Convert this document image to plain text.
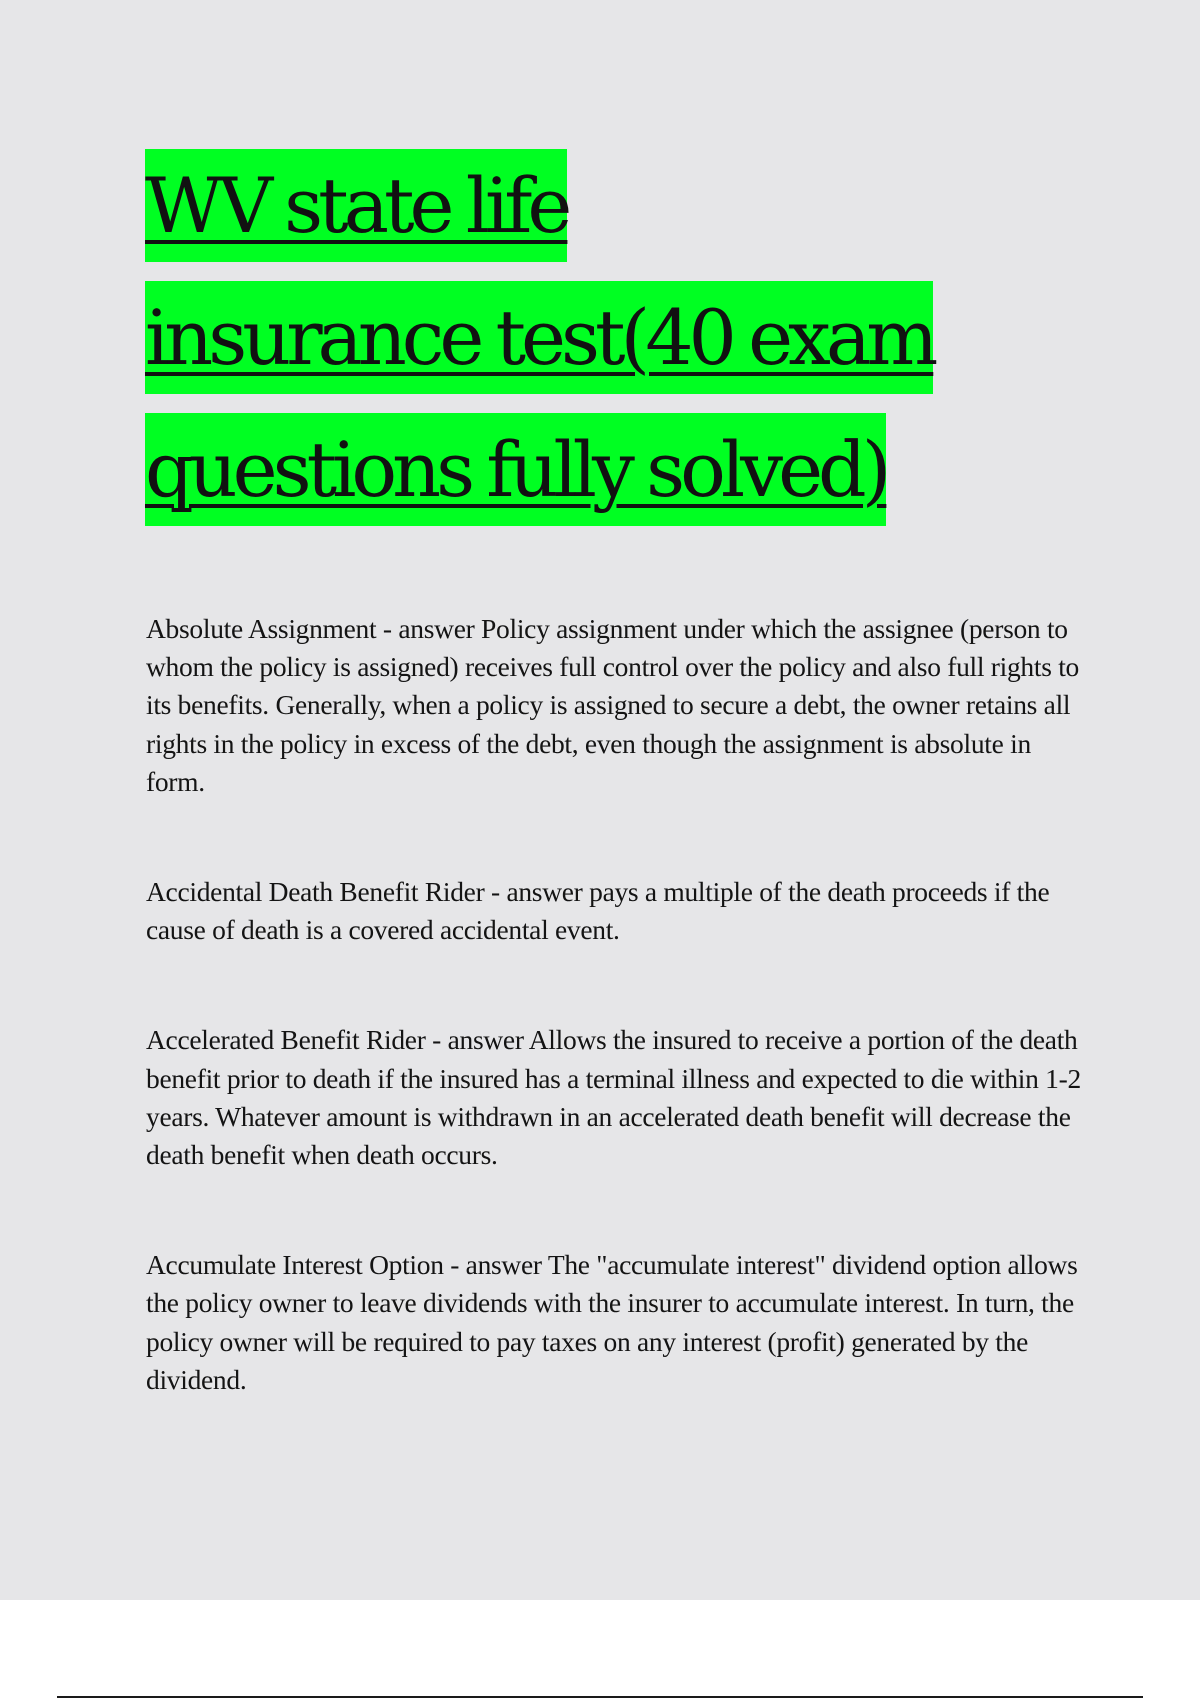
WV state life
insurance test(40 exam
questions fully solved)

Absolute Assignment - answer Policy assignment under which the assignee (person to whom the policy is assigned) receives full control over the policy and also full rights to its benefits. Generally, when a policy is assigned to secure a debt, the owner retains all rights in the policy in excess of the debt, even though the assignment is absolute in form.

Accidental Death Benefit Rider - answer pays a multiple of the death proceeds if the cause of death is a covered accidental event.

Accelerated Benefit Rider - answer Allows the insured to receive a portion of the death benefit prior to death if the insured has a terminal illness and expected to die within 1-2 years. Whatever amount is withdrawn in an accelerated death benefit will decrease the death benefit when death occurs.

Accumulate Interest Option - answer The "accumulate interest" dividend option allows the policy owner to leave dividends with the insurer to accumulate interest. In turn, the policy owner will be required to pay taxes on any interest (profit) generated by the dividend.
